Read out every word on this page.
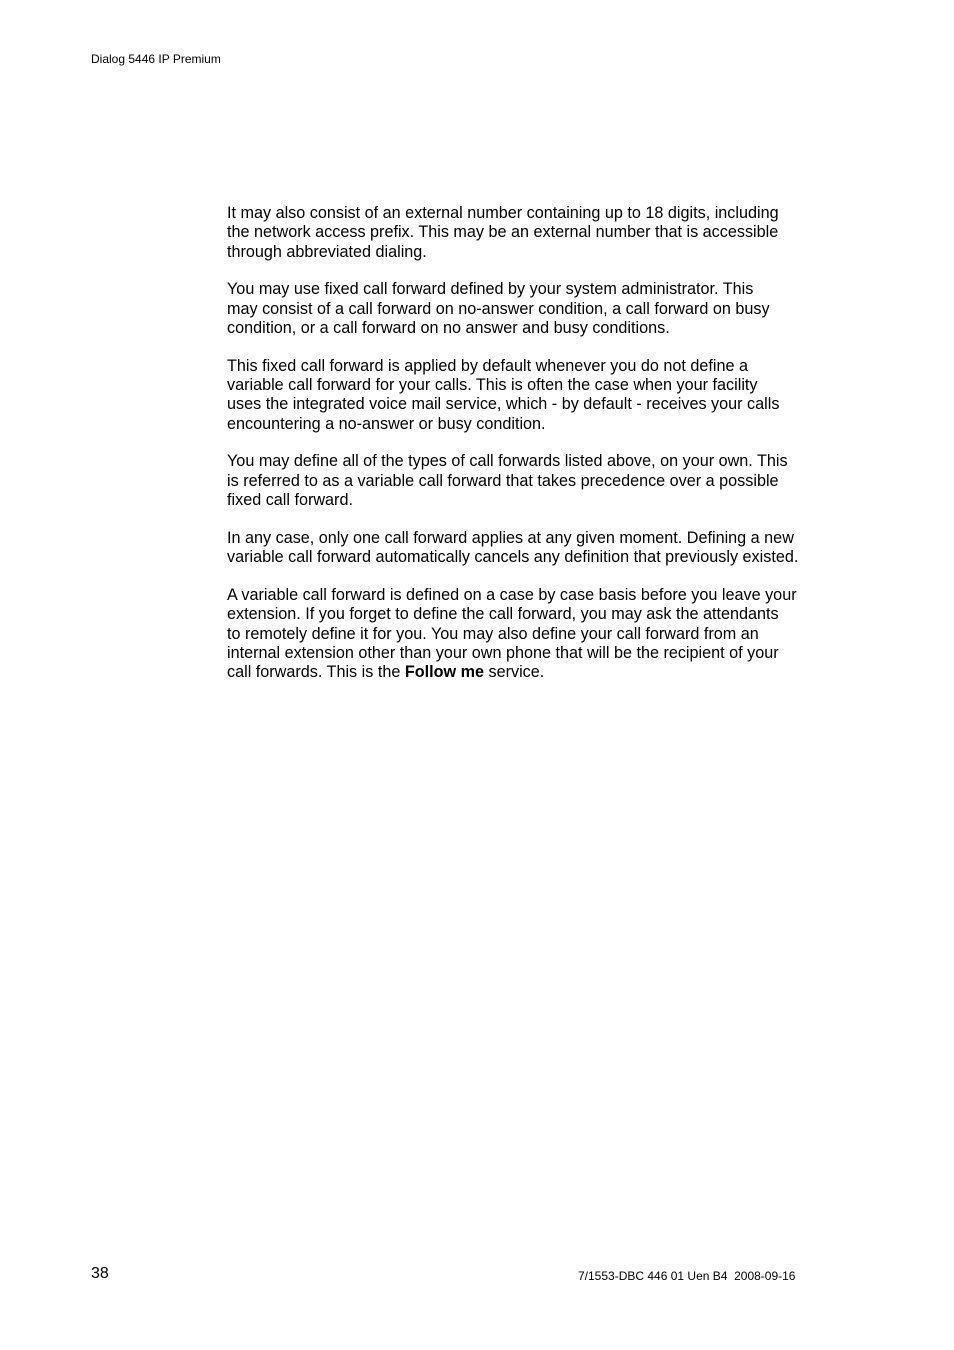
Dialog 5446 IP Premium

It may also consist of an external number containing up to 18 digits, including
the network access prefix. This may be an external number that is accessible
through abbreviated dialing.

You may use fixed call forward defined by your system administrator. This
may consist of a call forward on no-answer condition, a call forward on busy
condition, or a call forward on no answer and busy conditions.

This fixed call forward is applied by default whenever you do not define a
variable call forward for your calls. This is often the case when your facility
uses the integrated voice mail service, which - by default - receives your calls
encountering a no-answer or busy condition.

You may define all of the types of call forwards listed above, on your own. This
is referred to as a variable call forward that takes precedence over a possible
fixed call forward.

In any case, only one call forward applies at any given moment. Defining a new
variable call forward automatically cancels any definition that previously existed.

A variable call forward is defined on a case by case basis before you leave your
extension. If you forget to define the call forward, you may ask the attendants
to remotely define it for you. You may also define your call forward from an
internal extension other than your own phone that will be the recipient of your
call forwards. This is the Follow me service.

38	7/1553-DBC 446 01 Uen B4  2008-09-16
